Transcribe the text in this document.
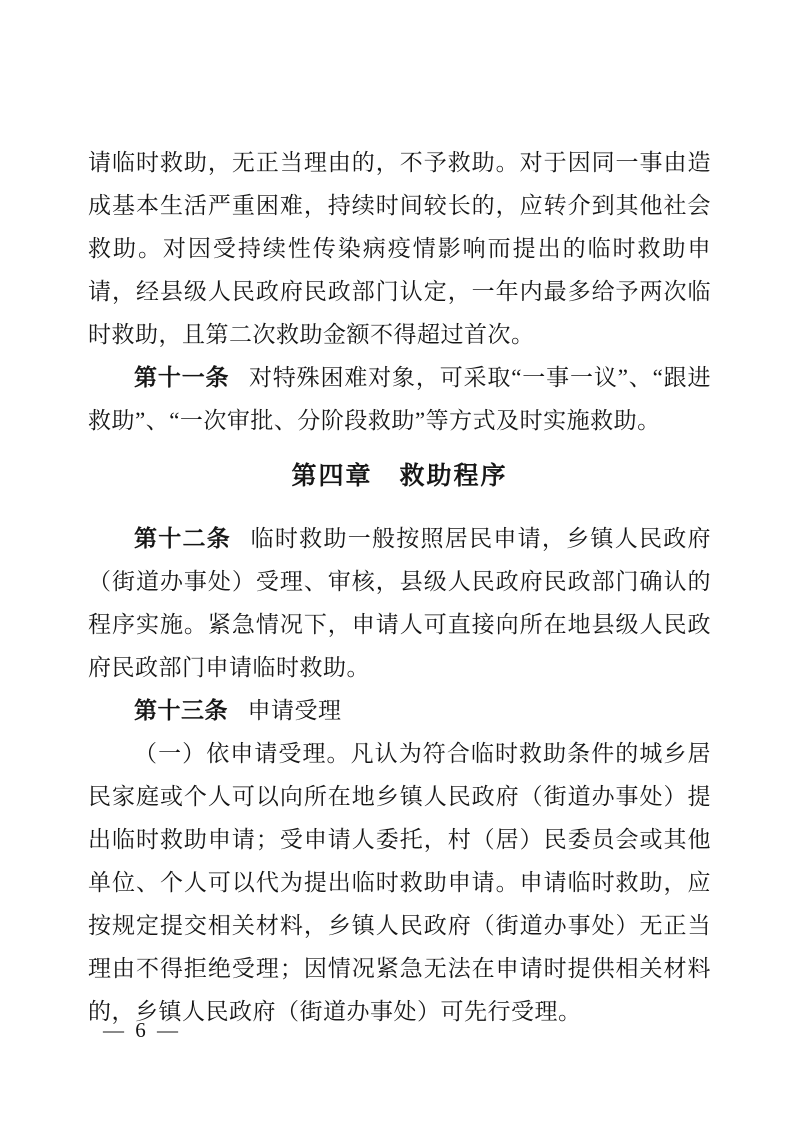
请临时救助，无正当理由的，不予救助。对于因同一事由造成基本生活严重困难，持续时间较长的，应转介到其他社会救助。对因受持续性传染病疫情影响而提出的临时救助申请，经县级人民政府民政部门认定，一年内最多给予两次临时救助，且第二次救助金额不得超过首次。

第十一条 对特殊困难对象，可采取“一事一议”、“跟进救助”、“一次审批、分阶段救助”等方式及时实施救助。

第四章　救助程序

第十二条 临时救助一般按照居民申请，乡镇人民政府（街道办事处）受理、审核，县级人民政府民政部门确认的程序实施。紧急情况下，申请人可直接向所在地县级人民政府民政部门申请临时救助。

第十三条 申请受理

（一）依申请受理。凡认为符合临时救助条件的城乡居民家庭或个人可以向所在地乡镇人民政府（街道办事处）提出临时救助申请；受申请人委托，村（居）民委员会或其他单位、个人可以代为提出临时救助申请。申请临时救助，应按规定提交相关材料，乡镇人民政府（街道办事处）无正当理由不得拒绝受理；因情况紧急无法在申请时提供相关材料的，乡镇人民政府（街道办事处）可先行受理。

— 6 —
